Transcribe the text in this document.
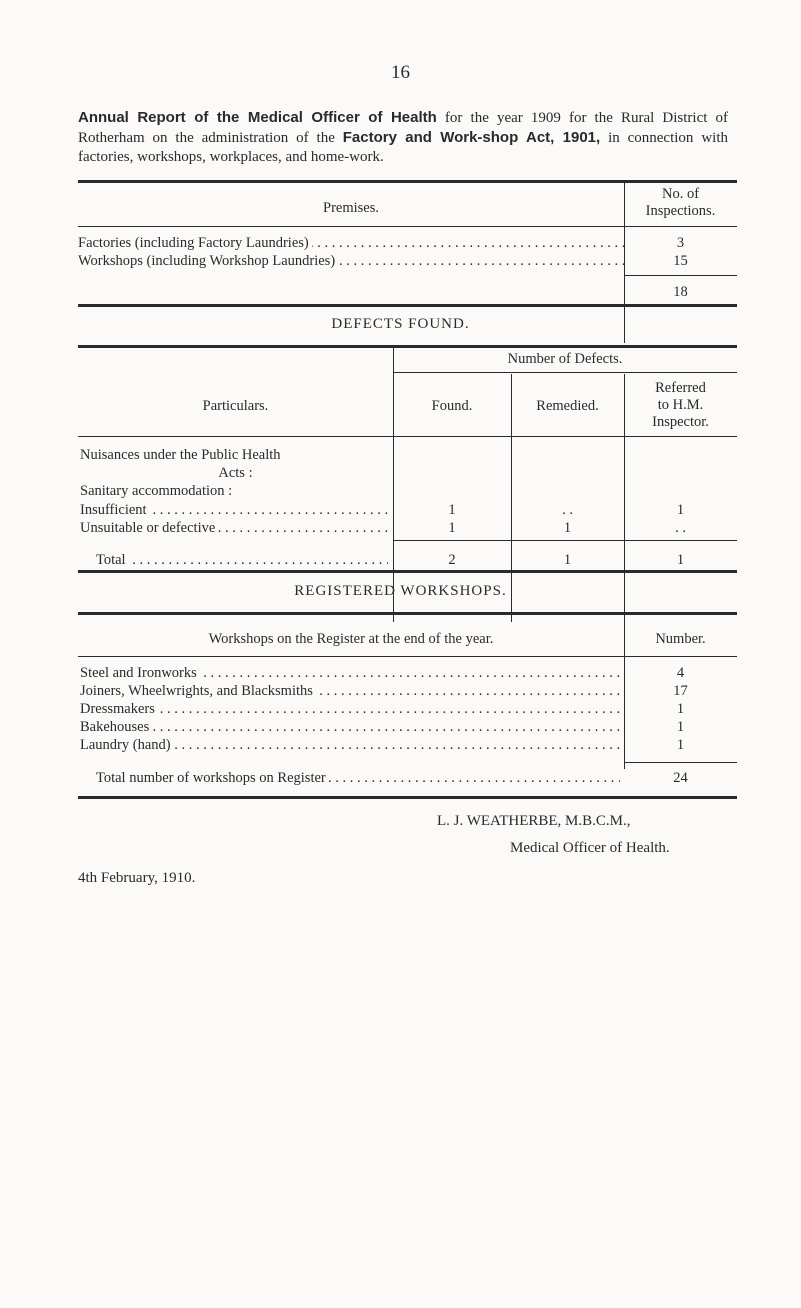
16
Annual Report of the Medical Officer of Health for the year 1909 for the Rural District of Rotherham on the administration of the Factory and Work-shop Act, 1901, in connection with factories, workshops, workplaces, and home-work.
Premises.
No. of
Inspections.
Factories (including Factory Laundries) . . .	3
Workshops (including Workshop Laundries) . . .	15
18
DEFECTS FOUND.
Particulars.
Number of Defects.
Found.	Remedied.
Referred
to H.M.
Inspector.
Nuisances under the Public Health
Acts :
Sanitary accommodation :
Insufficient . . .	1	. .	1
Unsuitable or defective . . .	1	1	. .
Total . . .	2	1	1
REGISTERED WORKSHOPS.
Workshops on the Register at the end of the year.	Number.
Steel and Ironworks . . .	4
Joiners, Wheelwrights, and Blacksmiths . . .	17
Dressmakers . . .	1
Bakehouses . . .	1
Laundry (hand) . . .	1
Total number of workshops on Register . . .	24
L. J. WEATHERBE, M.B.C.M.,
Medical Officer of Health.
4th February, 1910.
